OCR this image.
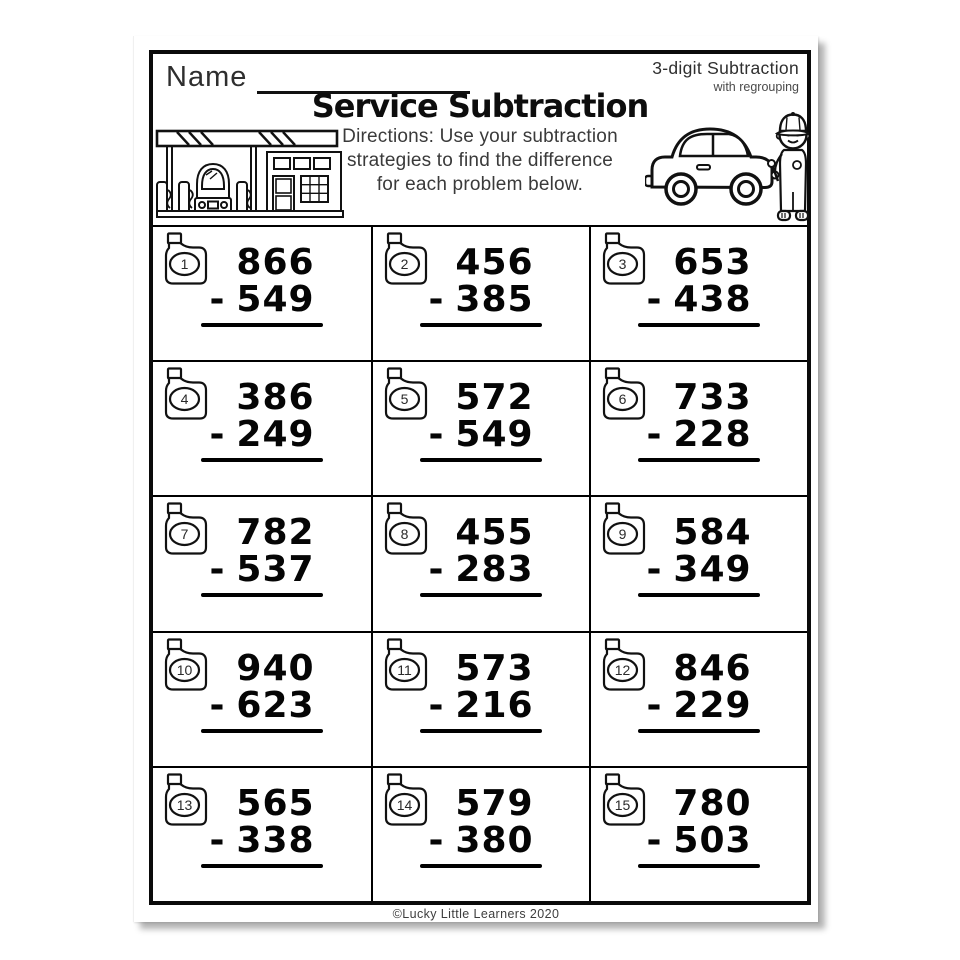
Name	3-digit Subtraction
with regrouping
Service Subtraction
Directions: Use your subtraction
strategies to find the difference
for each problem below.
1 866
- 549
2 456
- 385
3 653
- 438
4 386
- 249
5 572
- 549
6 733
- 228
7 782
- 537
8 455
- 283
9 584
- 349
10 940
- 623
11 573
- 216
12 846
- 229
13 565
- 338
14 579
- 380
15 780
- 503
©Lucky Little Learners 2020
